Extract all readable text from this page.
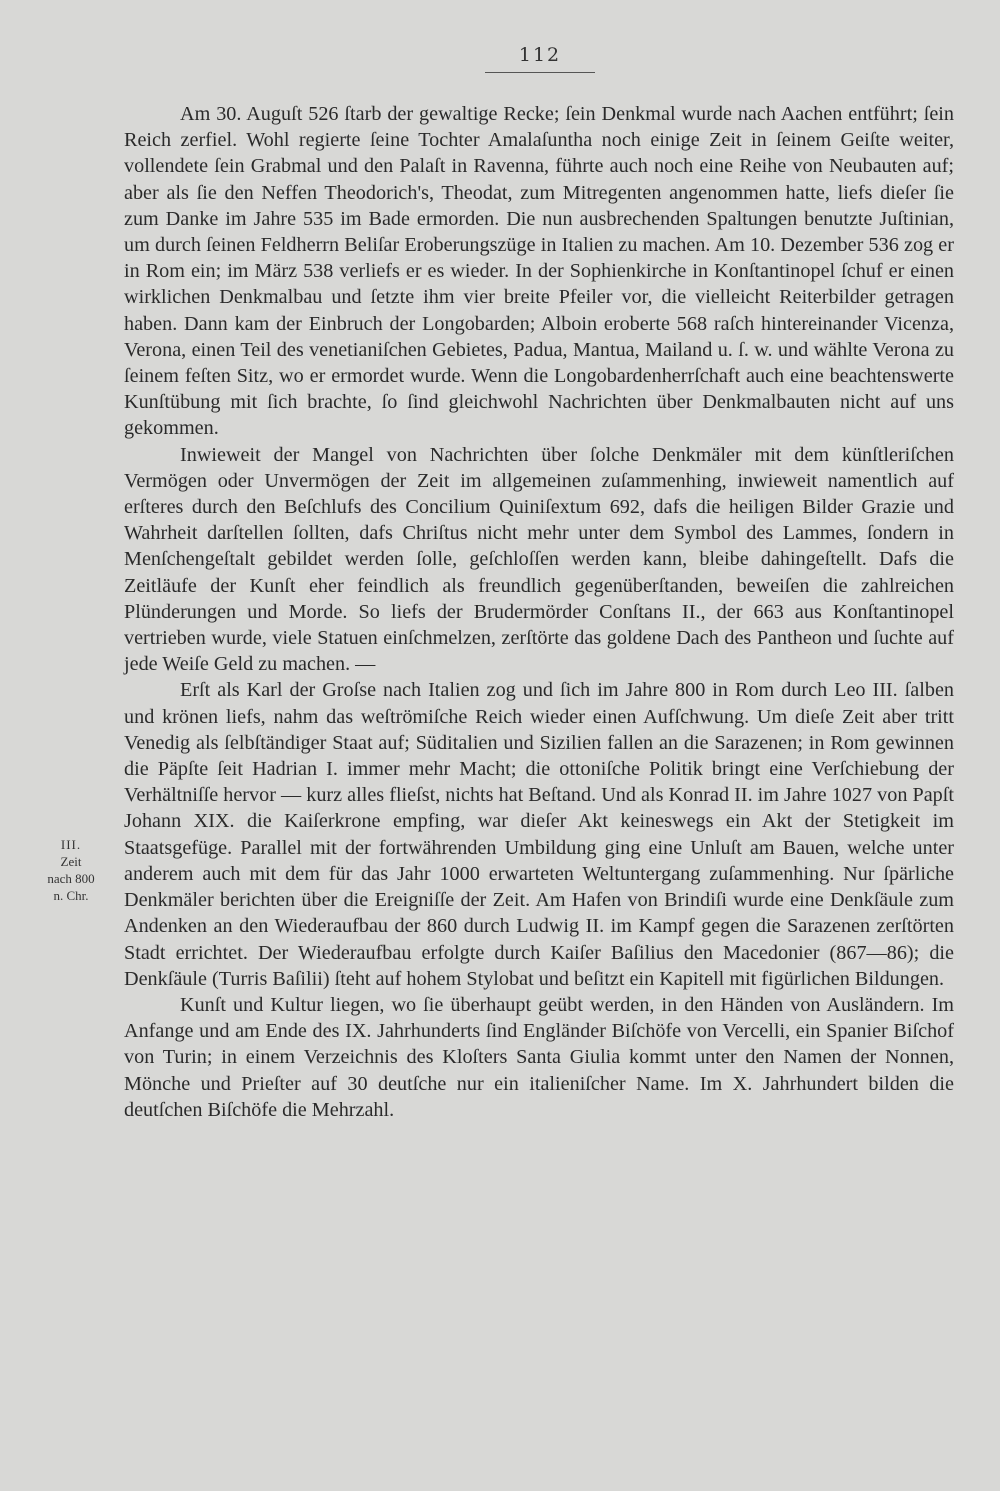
112
III.
Zeit
nach 800
n. Chr.

Am 30. Auguſt 526 ſtarb der gewaltige Recke; ſein Denkmal wurde nach Aachen entführt; ſein Reich zerfiel. Wohl regierte ſeine Tochter Amalaſuntha noch einige Zeit in ſeinem Geiſte weiter, vollendete ſein Grabmal und den Palaſt in Ravenna, führte auch noch eine Reihe von Neubauten auf; aber als ſie den Neffen Theodorich's, Theodat, zum Mitregenten angenommen hatte, liefs dieſer ſie zum Danke im Jahre 535 im Bade ermorden. Die nun ausbrechenden Spaltungen benutzte Juſtinian, um durch ſeinen Feldherrn Beliſar Eroberungszüge in Italien zu machen. Am 10. Dezember 536 zog er in Rom ein; im März 538 verliefs er es wieder. In der Sophienkirche in Konſtantinopel ſchuf er einen wirklichen Denkmalbau und ſetzte ihm vier breite Pfeiler vor, die vielleicht Reiterbilder getragen haben. Dann kam der Einbruch der Longobarden; Alboin eroberte 568 raſch hintereinander Vicenza, Verona, einen Teil des venetianiſchen Gebietes, Padua, Mantua, Mailand u. ſ. w. und wählte Verona zu ſeinem feſten Sitz, wo er ermordet wurde. Wenn die Longobardenherrſchaft auch eine beachtenswerte Kunſtübung mit ſich brachte, ſo ſind gleichwohl Nachrichten über Denkmalbauten nicht auf uns gekommen.

Inwieweit der Mangel von Nachrichten über ſolche Denkmäler mit dem künſtleriſchen Vermögen oder Unvermögen der Zeit im allgemeinen zuſammenhing, inwieweit namentlich auf erſteres durch den Beſchlufs des Concilium Quiniſextum 692, dafs die heiligen Bilder Grazie und Wahrheit darſtellen ſollten, dafs Chriſtus nicht mehr unter dem Symbol des Lammes, ſondern in Menſchengeſtalt gebildet werden ſolle, geſchloſſen werden kann, bleibe dahingeſtellt. Dafs die Zeitläufe der Kunſt eher feindlich als freundlich gegenüberſtanden, beweiſen die zahlreichen Plünderungen und Morde. So liefs der Brudermörder Conſtans II., der 663 aus Konſtantinopel vertrieben wurde, viele Statuen einſchmelzen, zerſtörte das goldene Dach des Pantheon und ſuchte auf jede Weiſe Geld zu machen. —

Erſt als Karl der Groſse nach Italien zog und ſich im Jahre 800 in Rom durch Leo III. ſalben und krönen liefs, nahm das weſtrömiſche Reich wieder einen Aufſchwung. Um dieſe Zeit aber tritt Venedig als ſelbſtändiger Staat auf; Süditalien und Sizilien fallen an die Sarazenen; in Rom gewinnen die Päpſte ſeit Hadrian I. immer mehr Macht; die ottoniſche Politik bringt eine Verſchiebung der Verhältniſſe hervor — kurz alles flieſst, nichts hat Beſtand. Und als Konrad II. im Jahre 1027 von Papſt Johann XIX. die Kaiſerkrone empfing, war dieſer Akt keineswegs ein Akt der Stetigkeit im Staatsgefüge. Parallel mit der fortwährenden Umbildung ging eine Unluſt am Bauen, welche unter anderem auch mit dem für das Jahr 1000 erwarteten Weltuntergang zuſammenhing. Nur ſpärliche Denkmäler berichten über die Ereigniſſe der Zeit. Am Hafen von Brindiſi wurde eine Denkſäule zum Andenken an den Wiederaufbau der 860 durch Ludwig II. im Kampf gegen die Sarazenen zerſtörten Stadt errichtet. Der Wiederaufbau erfolgte durch Kaiſer Baſilius den Macedonier (867—86); die Denkſäule (Turris Baſilii) ſteht auf hohem Stylobat und beſitzt ein Kapitell mit figürlichen Bildungen.

Kunſt und Kultur liegen, wo ſie überhaupt geübt werden, in den Händen von Ausländern. Im Anfange und am Ende des IX. Jahrhunderts ſind Engländer Biſchöfe von Vercelli, ein Spanier Biſchof von Turin; in einem Verzeichnis des Kloſters Santa Giulia kommt unter den Namen der Nonnen, Mönche und Prieſter auf 30 deutſche nur ein italieniſcher Name. Im X. Jahrhundert bilden die deutſchen Biſchöfe die Mehrzahl.
